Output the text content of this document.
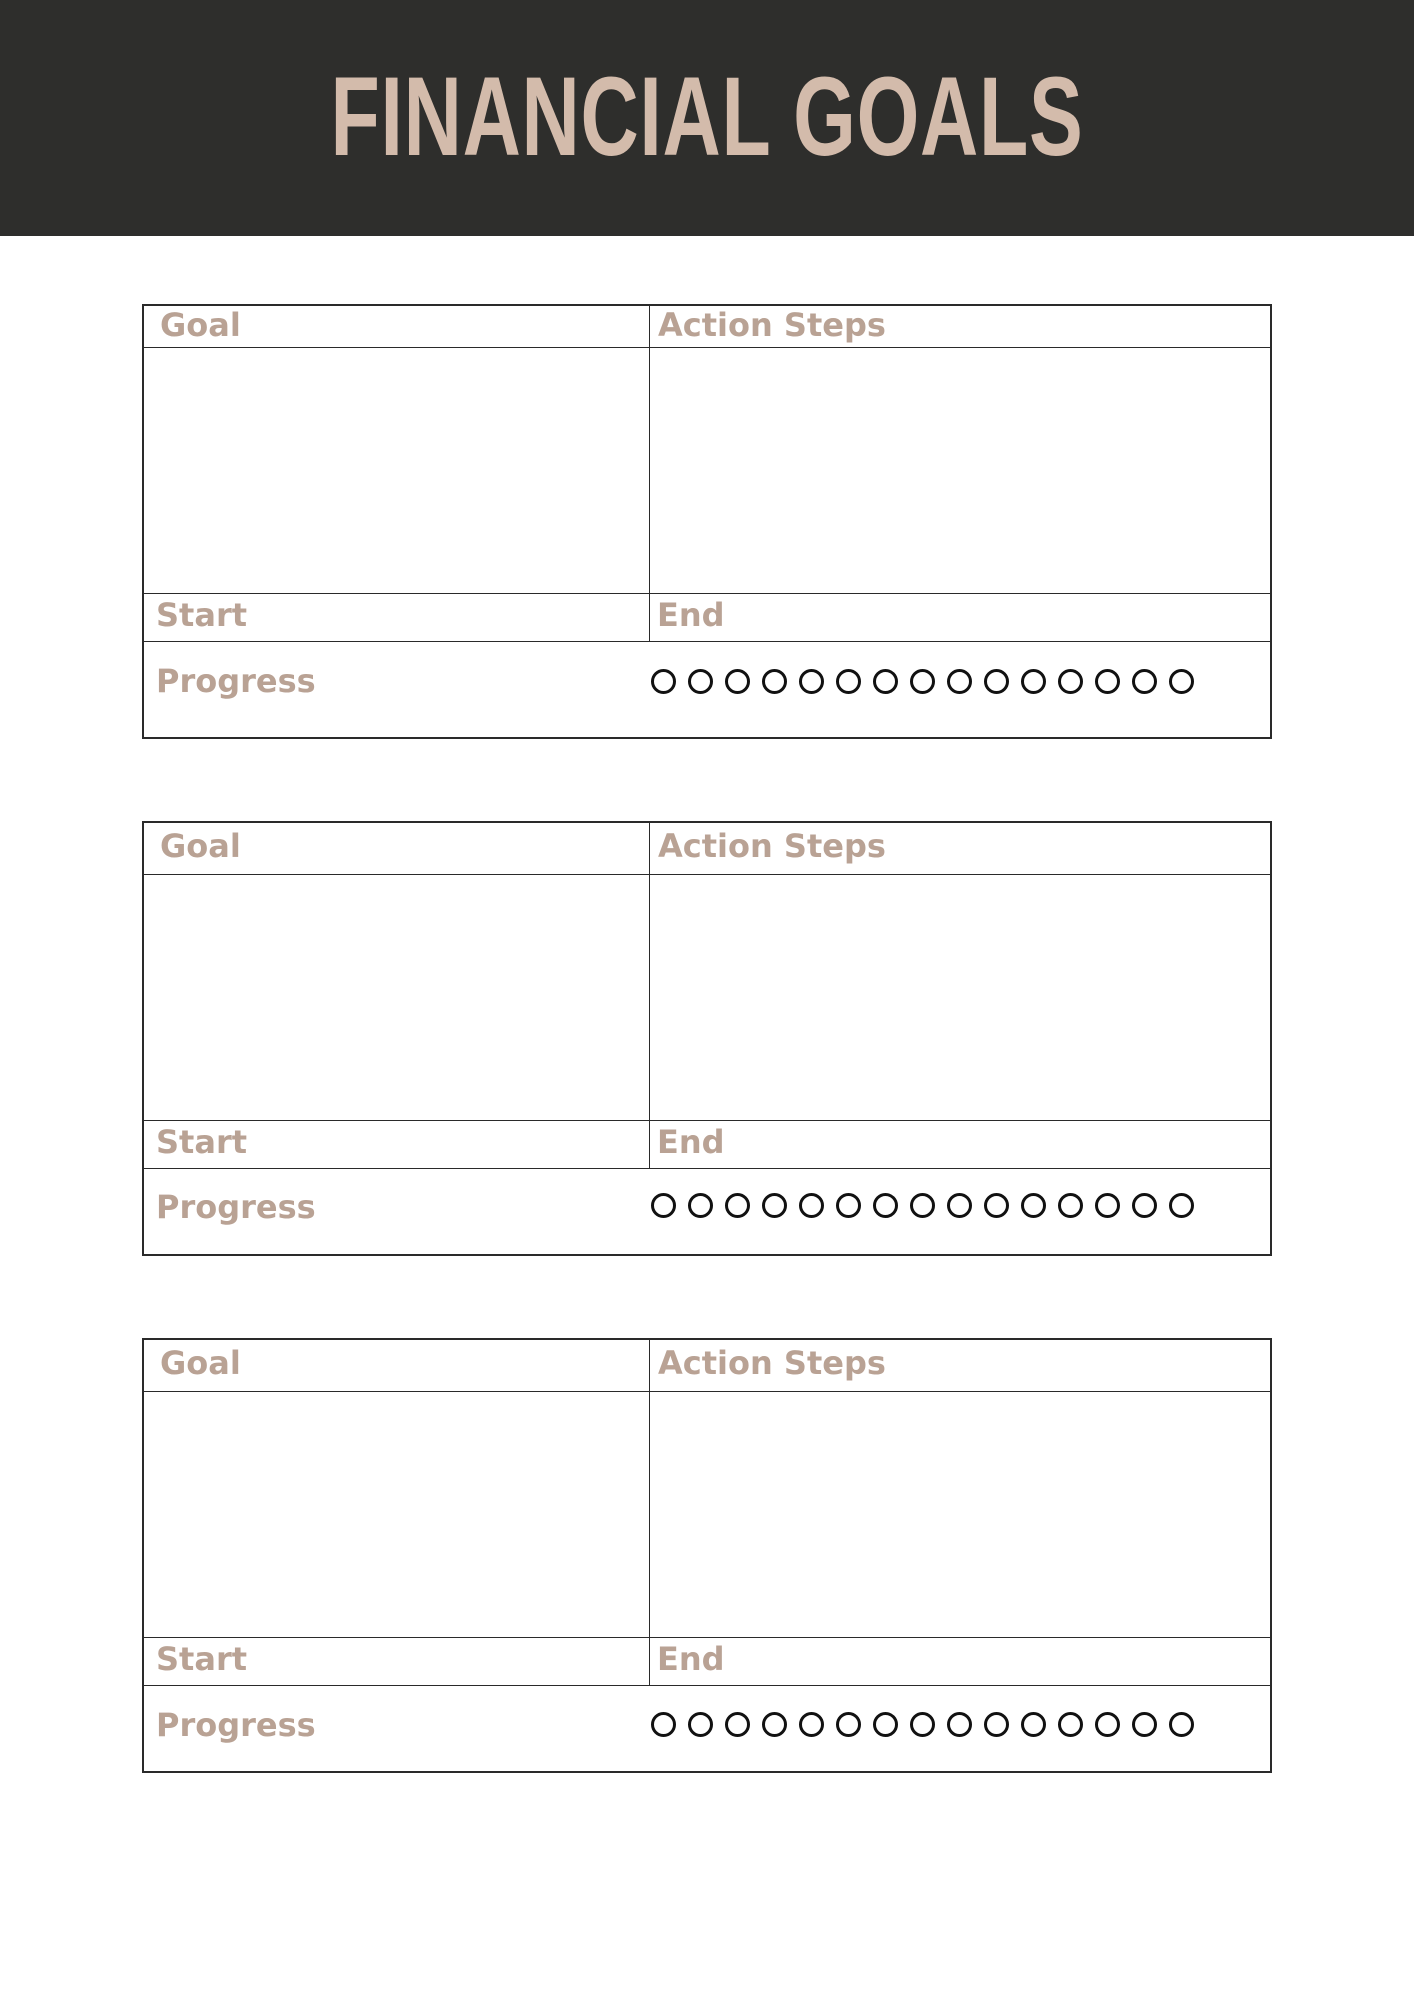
FINANCIAL GOALS
Goal	Action Steps
Start	End
Progress
Goal	Action Steps
Start	End
Progress
Goal	Action Steps
Start	End
Progress
